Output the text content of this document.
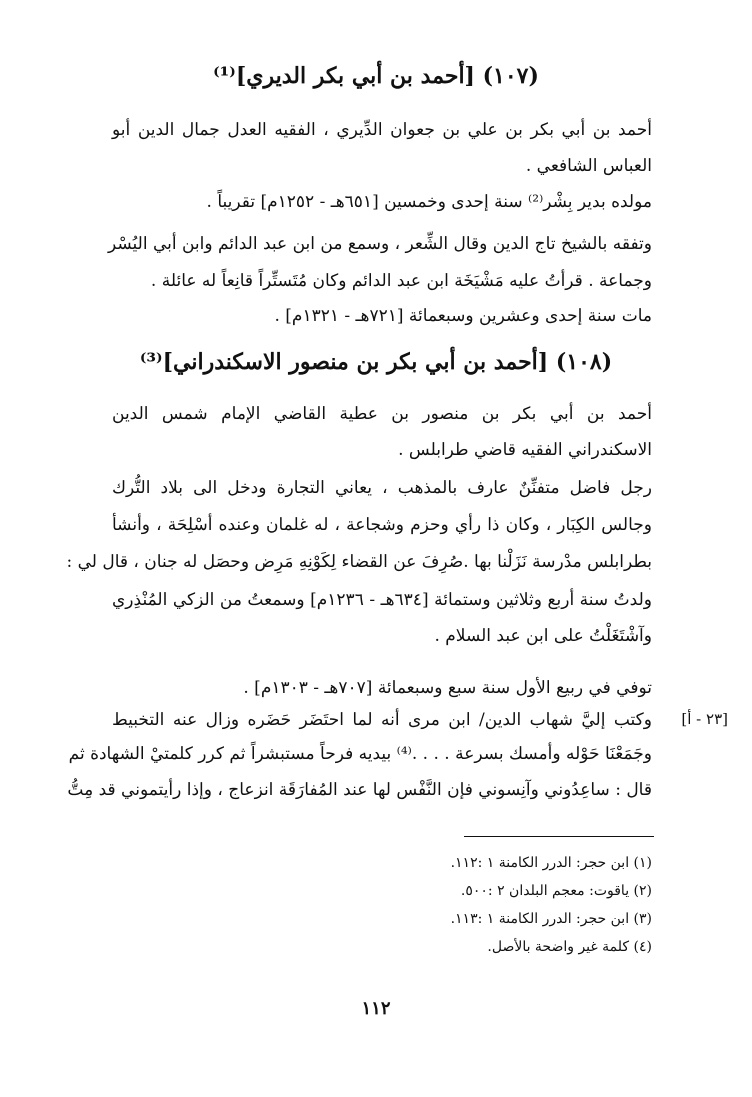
(١٠٧) [أحمد بن أبي بكر الديري]⁽¹⁾
أحمد بن أبي بكر بن علي بن جعوان الدِّيري ، الفقيه العدل جمال الدين أبو
العباس الشافعي .
مولده بدير بِشْر⁽²⁾ سنة إحدى وخمسين [٦٥١هـ - ١٢٥٢م] تقريباً .
وتفقه بالشيخ تاج الدين وقال الشِّعر ، وسمع من ابن عبد الدائم وابن أبي اليُسْر
وجماعة . قرأتُ عليه مَشْيَخَة ابن عبد الدائم وكان مُتَستِّراً قانِعاً له عائلة .
مات سنة إحدى وعشرين وسبعمائة [٧٢١هـ - ١٣٢١م] .
(١٠٨) [أحمد بن أبي بكر بن منصور الاسكندراني]⁽³⁾
أحمد بن أبي بكر بن منصور بن عطية القاضي الإمام شمس الدين
الاسكندراني الفقيه قاضي طرابلس .
رجل فاضل متفنِّنٌ عارف بالمذهب ، يعاني التجارة ودخل الى بلاد التُّرك
وجالس الكِبَار ، وكان ذا رأي وحزم وشجاعة ، له غلمان وعنده أسْلِحَة ، وأنشأ
بطرابلس مدْرسة نَزَلْنا بها .صُرِفَ عن القضاء لِكَوْنِهِ مَرِض وحصَل له جنان ، قال لي :
ولدتُ سنة أربع وثلاثين وستمائة [٦٣٤هـ - ١٢٣٦م] وسمعتُ من الزكي المُنْذِري
وآشْتَغَلْتُ على ابن عبد السلام .
توفي في ربيع الأول سنة سبع وسبعمائة [٧٠٧هـ - ١٣٠٣م] .
وكتب إليَّ شهاب الدين/ ابن مرى أنه لما احتَضَر حَضَره وزال عنه التخبيط
وجَمَعْنَا حَوْله وأمسك بسرعة . . . .⁽⁴⁾ بيديه فرحاً مستبشراً ثم كرر كلمتيْ الشهادة ثم
قال : ساعِدُوني وآنِسوني فإن النَّفْس لها عند المُفارَقَة انزعاج ، وإذا رأيتموني قد مِتُّ
[٢٣ - أ]
(١) ابن حجر: الدرر الكامنة ١ :١١٢.
(٢) ياقوت: معجم البلدان ٢ :٥٠٠.
(٣) ابن حجر: الدرر الكامنة ١ :١١٣.
(٤) كلمة غير واضحة بالأصل.
١١٢
